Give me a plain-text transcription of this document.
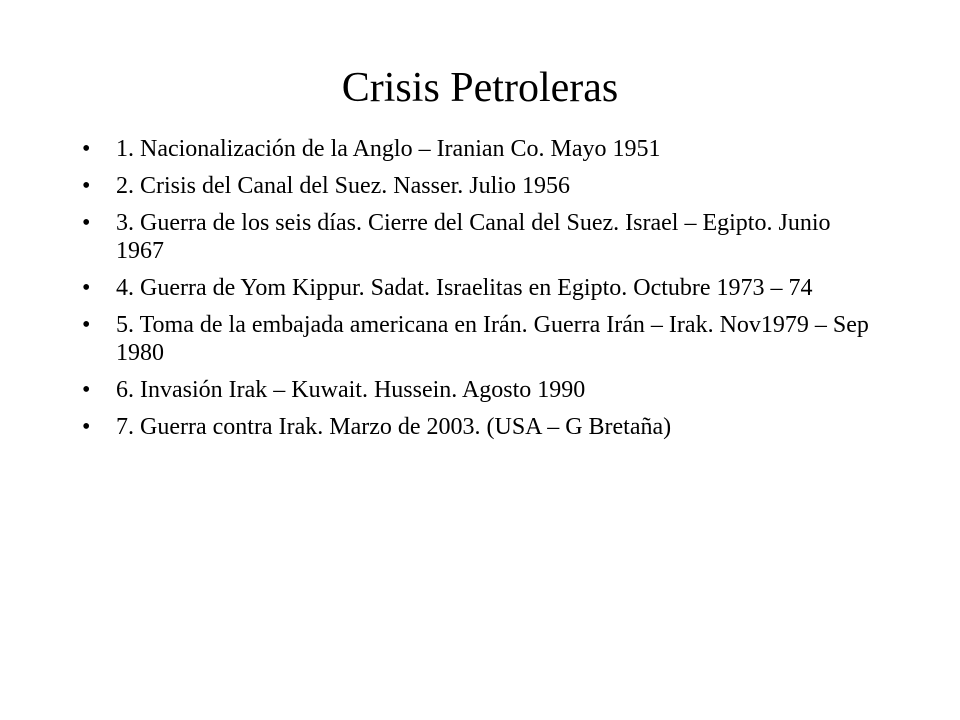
Crisis Petroleras
•	1. Nacionalización de la Anglo – Iranian Co. Mayo 1951
•	2. Crisis del Canal del Suez. Nasser. Julio 1956
•	3. Guerra de los seis días. Cierre del Canal del Suez. Israel – Egipto. Junio 1967
•	4. Guerra de Yom Kippur. Sadat. Israelitas en Egipto. Octubre 1973 – 74
•	5. Toma de la embajada americana en Irán. Guerra Irán – Irak. Nov1979 – Sep 1980
•	6. Invasión Irak – Kuwait. Hussein. Agosto 1990
•	7. Guerra contra Irak. Marzo de 2003. (USA – G Bretaña)
